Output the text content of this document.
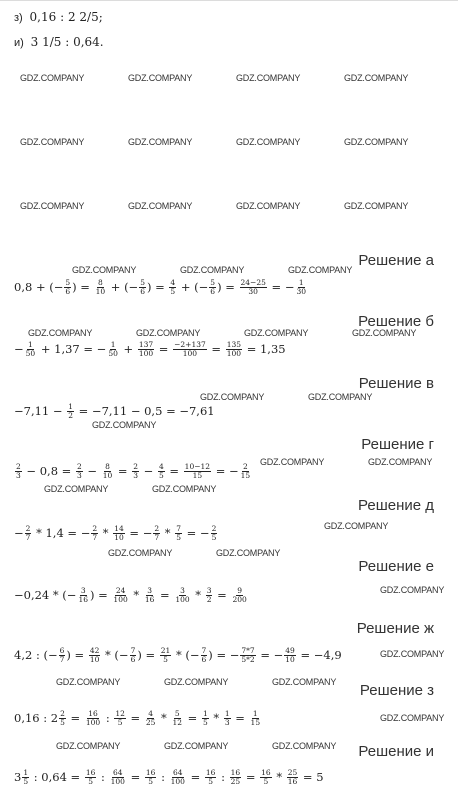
з) 0,16 : 2 2/5;
и) 3 1/5 : 0,64.
GDZ.COMPANY	GDZ.COMPANY	GDZ.COMPANY	GDZ.COMPANY
GDZ.COMPANY	GDZ.COMPANY	GDZ.COMPANY	GDZ.COMPANY
GDZ.COMPANY	GDZ.COMPANY	GDZ.COMPANY	GDZ.COMPANY
Решение а
GDZ.COMPANY	GDZ.COMPANY	GDZ.COMPANY
0,8 + (− $\frac{5}{6}$ ) = $\frac{8}{10}$ + (− $\frac{5}{6}$ ) = $\frac{4}{5}$ + (− $\frac{5}{6}$ ) = $\frac{24-25}{30}$ = − $\frac{1}{30}$
Решение б
GDZ.COMPANY	GDZ.COMPANY	GDZ.COMPANY	GDZ.COMPANY
− $\frac{1}{50} + 1,37$ = − $\frac{1}{50} + \frac{137}{100} = \frac{-2+137}{100} = \frac{135}{100} = 1,35$
Решение в
GDZ.COMPANY	GDZ.COMPANY
$-7,11 - \frac{1}{2} = -7,11 - 0,5 = -7,61$
GDZ.COMPANY
Решение г
GDZ.COMPANY	GDZ.COMPANY
$\frac{2}{3} - 0,8 = \frac{2}{3} - \frac{8}{10} = \frac{2}{3} - \frac{4}{5} = \frac{10-12}{15}$ = − $\frac{2}{15}$
GDZ.COMPANY	GDZ.COMPANY
Решение д
GDZ.COMPANY
− $\frac{2}{7} * 1,4$ = − $\frac{2}{7} * \frac{14}{10}$ = − $\frac{2}{7} * \frac{7}{5}$ = − $\frac{2}{5}$
GDZ.COMPANY	GDZ.COMPANY
Решение е
GDZ.COMPANY
−0,24 * (− $\frac{3}{16}$ ) = $\frac{24}{100} * \frac{3}{16} = \frac{3}{100} * \frac{3}{2} = \frac{9}{200}$
Решение ж
4,2 : (− $\frac{6}{7}$ ) = $\frac{42}{10}$ * (− $\frac{7}{6}$ ) = $\frac{21}{5}$ * (− $\frac{7}{6}$ ) = − $\frac{7*7}{5*2}$ = − $\frac{49}{10} = -4,9$	GDZ.COMPANY
GDZ.COMPANY	GDZ.COMPANY	GDZ.COMPANY Решение з
0,16 : $2 \frac{2}{5} = \frac{16}{100}$ : $\frac{12}{5} = \frac{4}{25} * \frac{5}{12} = \frac{1}{5} * \frac{1}{3} = \frac{1}{15}$	GDZ.COMPANY
GDZ.COMPANY	GDZ.COMPANY	GDZ.COMPANY Решение и
$3 \frac{1}{5}$ : $0,64 = \frac{16}{5}$ : $\frac{64}{100} = \frac{16}{5}$ : $\frac{64}{100} = \frac{16}{5}$ : $\frac{16}{25} = \frac{16}{5} * \frac{25}{16} = 5$
